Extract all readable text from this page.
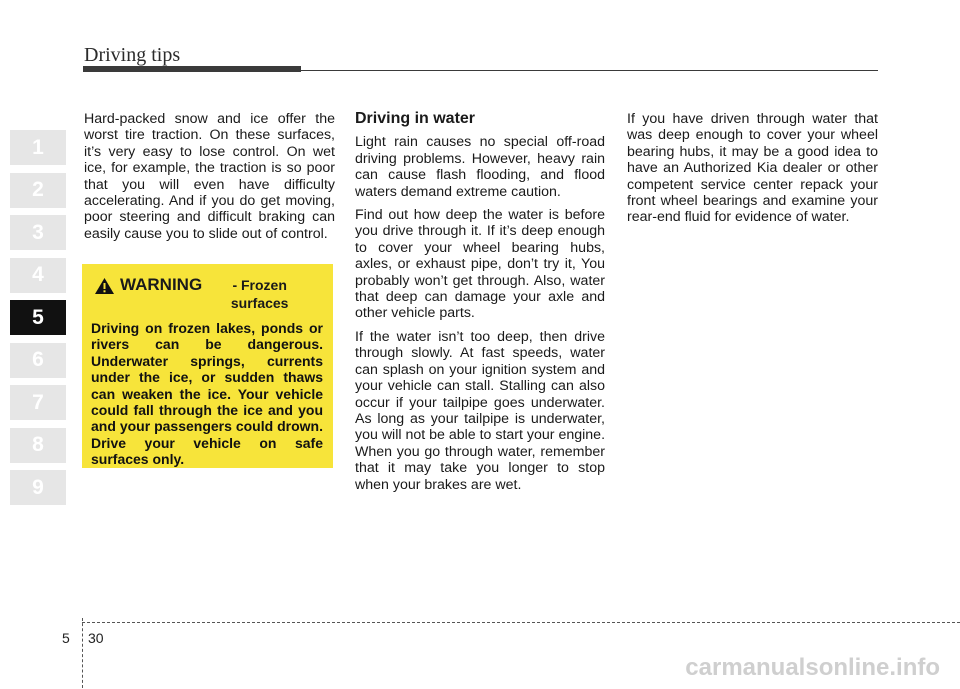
Driving tips
1
2
3
4
5
6
7
8
9

Hard-packed snow and ice offer the worst tire traction. On these surfaces, it’s very easy to lose control. On wet ice, for example, the traction is so poor that you will even have difficulty accelerating. And if you do get moving, poor steering and difficult braking can easily cause you to slide out of control.

WARNING	- Frozen surfaces
Driving on frozen lakes, ponds or rivers can be dangerous. Underwater springs, currents under the ice, or sudden thaws can weaken the ice. Your vehicle could fall through the ice and you and your passengers could drown. Drive your vehicle on safe surfaces only.
Driving in water

Light rain causes no special off-road driving problems. However, heavy rain can cause flash flooding, and flood waters demand extreme caution.

Find out how deep the water is before you drive through it. If it’s deep enough to cover your wheel bearing hubs, axles, or exhaust pipe, don’t try it, You probably won’t get through. Also, water that deep can damage your axle and other vehicle parts.

If the water isn’t too deep, then drive through slowly. At fast speeds, water can splash on your ignition system and your vehicle can stall. Stalling can also occur if your tailpipe goes underwater. As long as your tailpipe is underwater, you will not be able to start your engine. When you go through water, remember that it may take you longer to stop when your brakes are wet.

If you have driven through water that was deep enough to cover your wheel bearing hubs, it may be a good idea to have an Authorized Kia dealer or other competent service center repack your front wheel bearings and examine your rear-end fluid for evidence of water.

5 30
carmanualsonline.info
